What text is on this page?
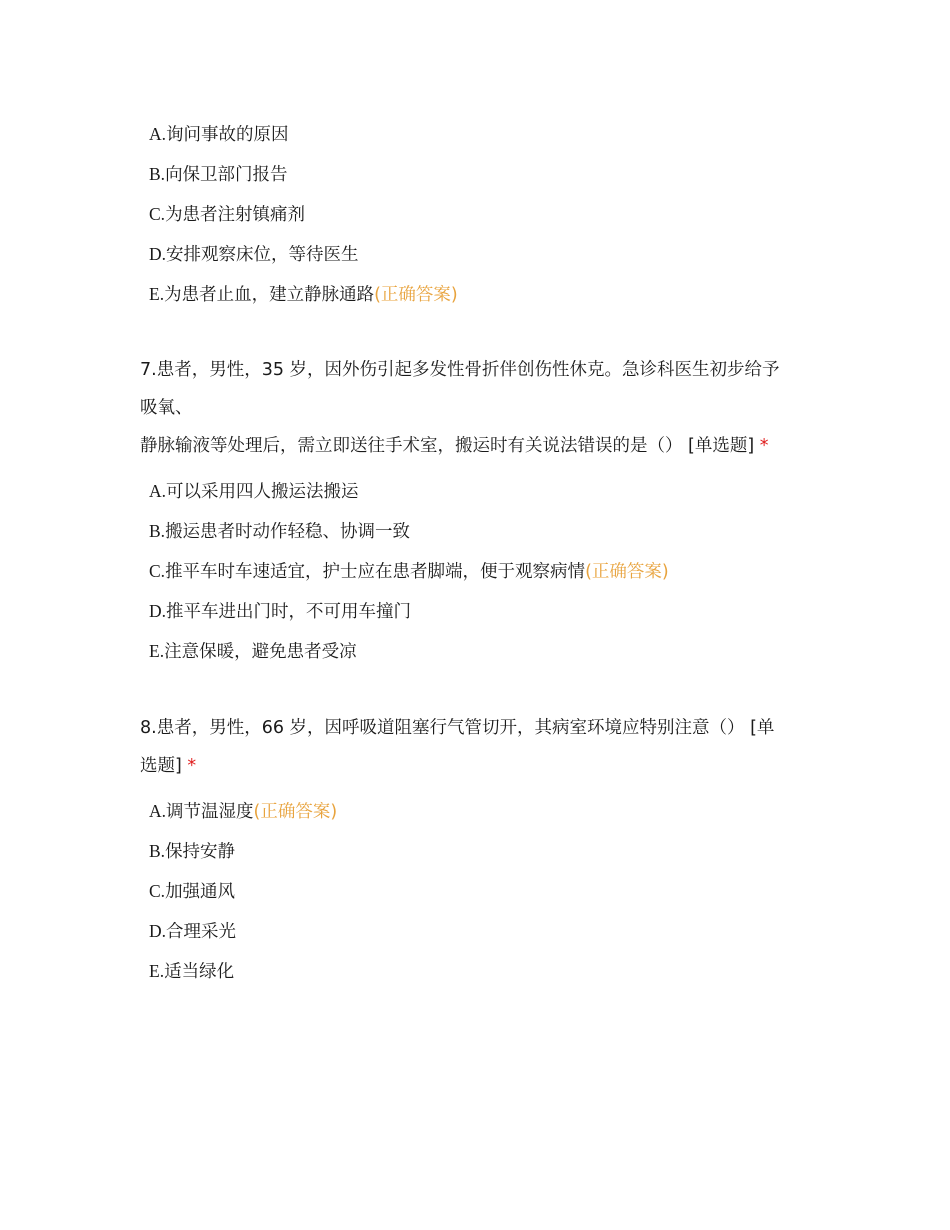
A.询问事故的原因
B.向保卫部门报告
C.为患者注射镇痛剂
D.安排观察床位，等待医生
E.为患者止血，建立静脉通路(正确答案)
7.患者，男性，35 岁，因外伤引起多发性骨折伴创伤性休克。急诊科医生初步给予
吸氧、
静脉输液等处理后，需立即送往手术室，搬运时有关说法错误的是（） [单选题] *
A.可以采用四人搬运法搬运
B.搬运患者时动作轻稳、协调一致
C.推平车时车速适宜，护士应在患者脚端，便于观察病情(正确答案)
D.推平车进出门时，不可用车撞门
E.注意保暖，避免患者受凉
8.患者，男性，66 岁，因呼吸道阻塞行气管切开，其病室环境应特别注意（） [单
选题] *
A.调节温湿度(正确答案)
B.保持安静
C.加强通风
D.合理采光
E.适当绿化
